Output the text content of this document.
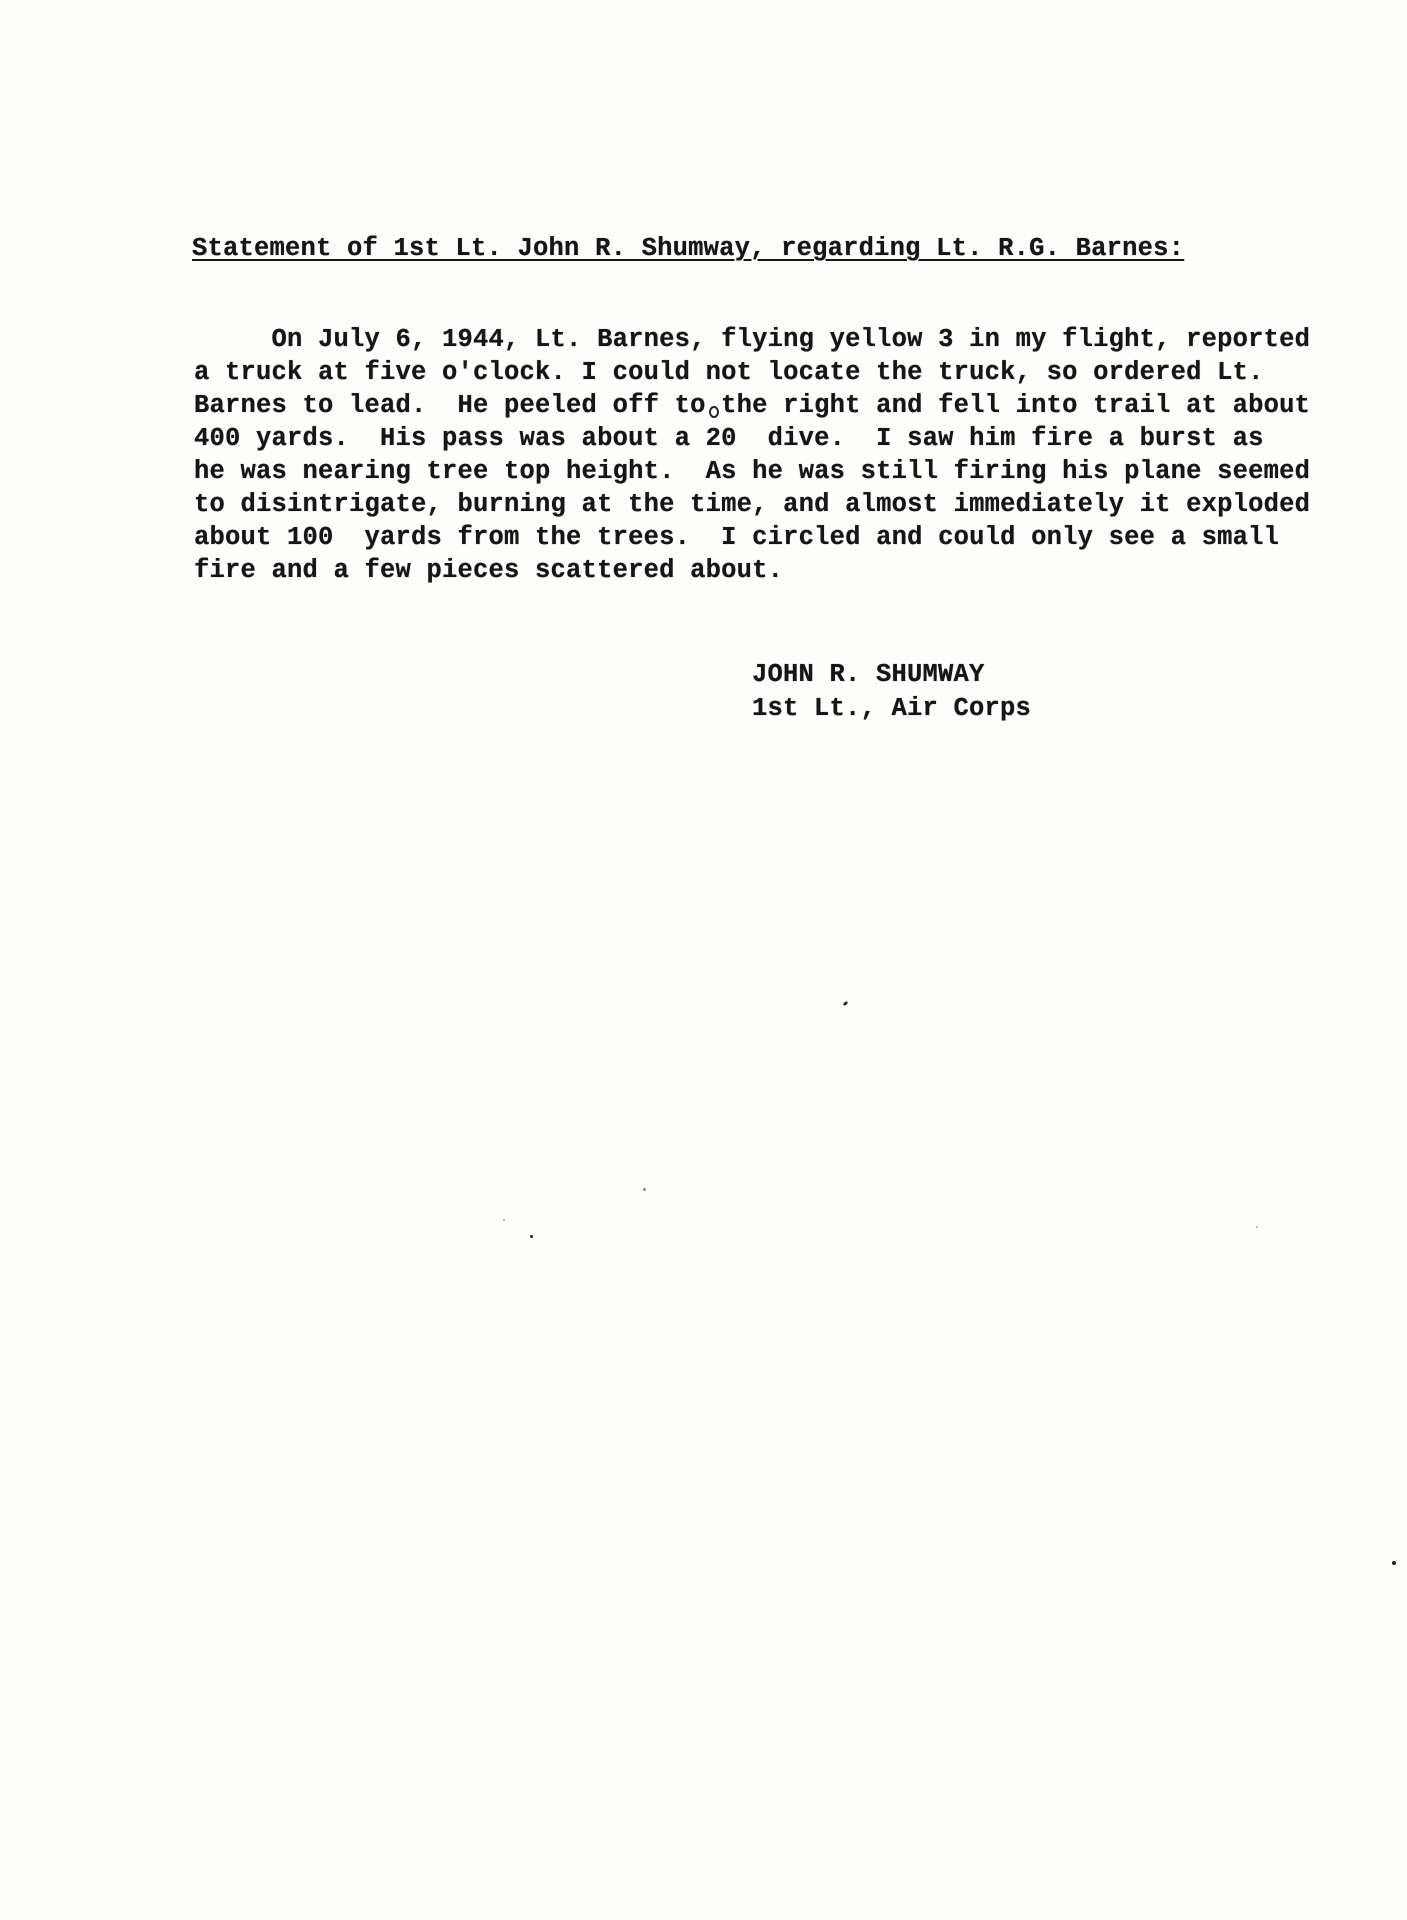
Statement of 1st Lt. John R. Shumway, regarding Lt. R.G. Barnes:
On July 6, 1944, Lt. Barnes, flying yellow 3 in my flight, reported
a truck at five o'clock. I could not locate the truck, so ordered Lt.
Barnes to lead.  He peeled off to the right and fell into trail at about
400 yards.  His pass was about a 20  dive.  I saw him fire a burst as
he was nearing tree top height.  As he was still firing his plane seemed
to disintrigate, burning at the time, and almost immediately it exploded
about 100  yards from the trees.  I circled and could only see a small
fire and a few pieces scattered about.
JOHN R. SHUMWAY
1st Lt., Air Corps
